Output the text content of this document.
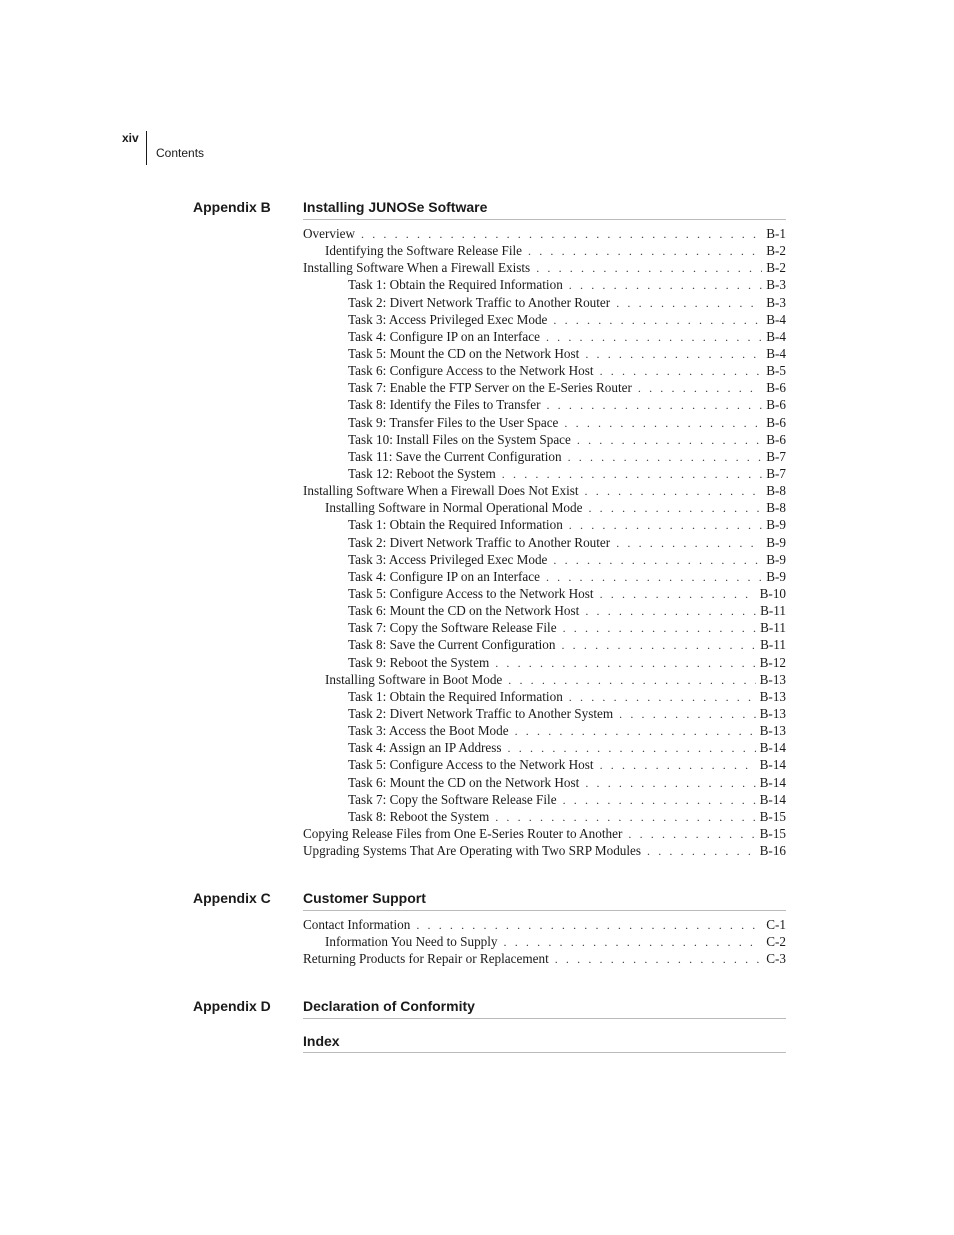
xiv
Contents
Appendix B Installing JUNOSe Software
Overview . . .	B-1
Identifying the Software Release File . . .	B-2
Installing Software When a Firewall Exists . . .	B-2
Task 1: Obtain the Required Information . . .	B-3
Task 2: Divert Network Traffic to Another Router . . .	B-3
Task 3: Access Privileged Exec Mode . . .	B-4
Task 4: Configure IP on an Interface . . .	B-4
Task 5: Mount the CD on the Network Host . . .	B-4
Task 6: Configure Access to the Network Host . . .	B-5
Task 7: Enable the FTP Server on the E-Series Router . . .	B-6
Task 8: Identify the Files to Transfer . . .	B-6
Task 9: Transfer Files to the User Space . . .	B-6
Task 10: Install Files on the System Space . . .	B-6
Task 11: Save the Current Configuration . . .	B-7
Task 12: Reboot the System . . .	B-7
Installing Software When a Firewall Does Not Exist . . .	B-8
Installing Software in Normal Operational Mode . . .	B-8
Task 1: Obtain the Required Information . . .	B-9
Task 2: Divert Network Traffic to Another Router . . .	B-9
Task 3: Access Privileged Exec Mode . . .	B-9
Task 4: Configure IP on an Interface . . .	B-9
Task 5: Configure Access to the Network Host . . .	B-10
Task 6: Mount the CD on the Network Host . . .	B-11
Task 7: Copy the Software Release File . . .	B-11
Task 8: Save the Current Configuration . . .	B-11
Task 9: Reboot the System . . .	B-12
Installing Software in Boot Mode . . .	B-13
Task 1: Obtain the Required Information . . .	B-13
Task 2: Divert Network Traffic to Another System . . .	B-13
Task 3: Access the Boot Mode . . .	B-13
Task 4: Assign an IP Address . . .	B-14
Task 5: Configure Access to the Network Host . . .	B-14
Task 6: Mount the CD on the Network Host . . .	B-14
Task 7: Copy the Software Release File . . .	B-14
Task 8: Reboot the System . . .	B-15
Copying Release Files from One E-Series Router to Another . . .	B-15
Upgrading Systems That Are Operating with Two SRP Modules . . .	B-16
Appendix C Customer Support
Contact Information . . .	C-1
Information You Need to Supply . . .	C-2
Returning Products for Repair or Replacement . . .	C-3
Appendix D Declaration of Conformity
Index
